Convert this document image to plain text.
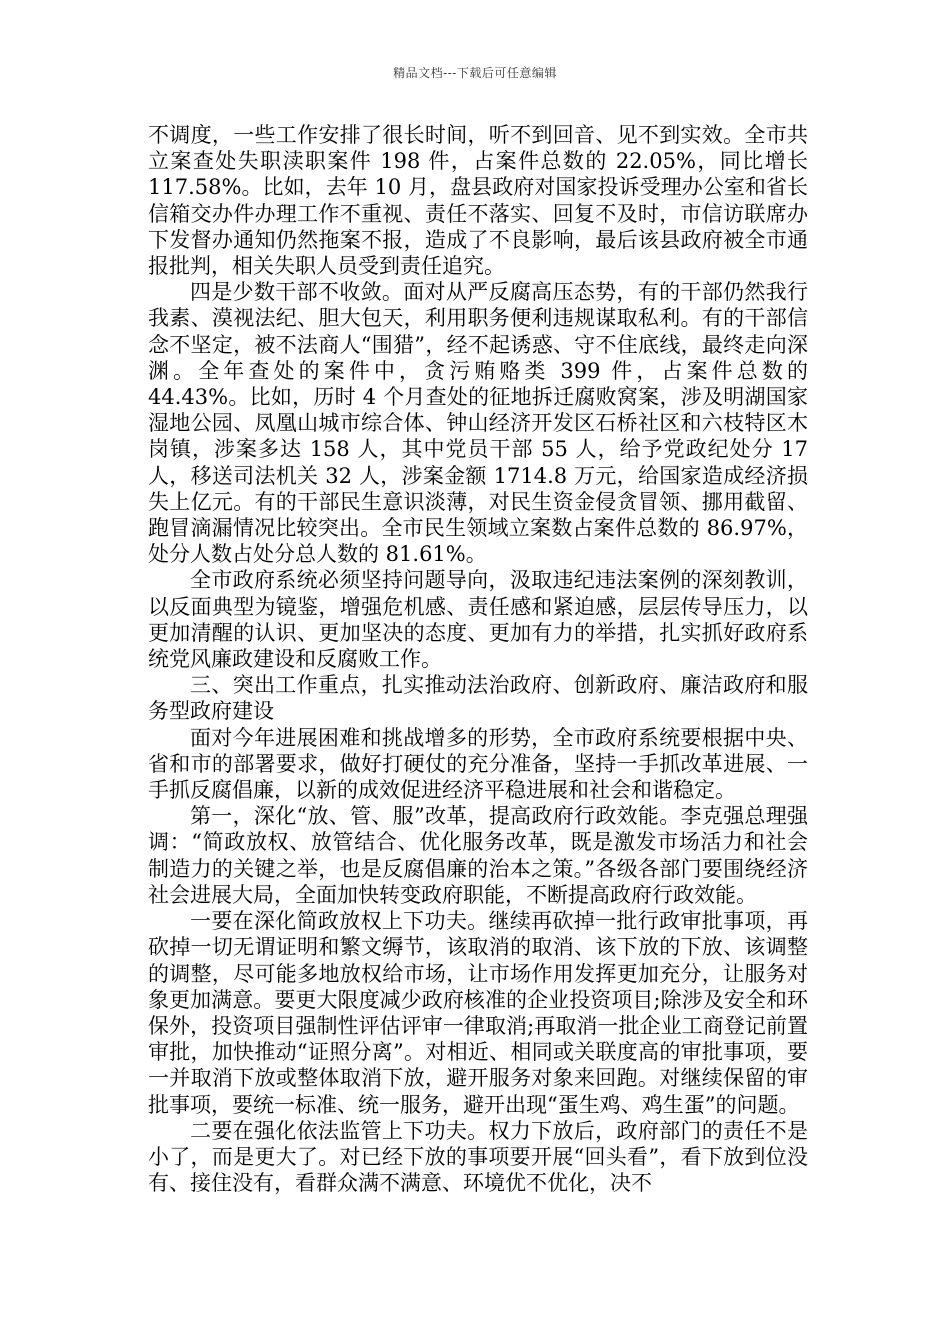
精品文档---下载后可任意编辑

不调度，一些工作安排了很长时间，听不到回音、见不到实效。全市共立案查处失职渎职案件 198 件，占案件总数的 22.05%，同比增长 117.58%。比如，去年 10 月，盘县政府对国家投诉受理办公室和省长信箱交办件办理工作不重视、责任不落实、回复不及时，市信访联席办下发督办通知仍然拖案不报，造成了不良影响，最后该县政府被全市通报批判，相关失职人员受到责任追究。

四是少数干部不收敛。面对从严反腐高压态势，有的干部仍然我行我素、漠视法纪、胆大包天，利用职务便利违规谋取私利。有的干部信念不坚定，被不法商人“围猎”，经不起诱惑、守不住底线，最终走向深渊。全年查处的案件中，贪污贿赂类 399 件，占案件总数的 44.43%。比如，历时 4 个月查处的征地拆迁腐败窝案，涉及明湖国家湿地公园、凤凰山城市综合体、钟山经济开发区石桥社区和六枝特区木岗镇，涉案多达 158 人，其中党员干部 55 人，给予党政纪处分 17 人，移送司法机关 32 人，涉案金额 1714.8 万元，给国家造成经济损失上亿元。有的干部民生意识淡薄，对民生资金侵贪冒领、挪用截留、跑冒滴漏情况比较突出。全市民生领域立案数占案件总数的 86.97%，处分人数占处分总人数的 81.61%。

全市政府系统必须坚持问题导向，汲取违纪违法案例的深刻教训，以反面典型为镜鉴，增强危机感、责任感和紧迫感，层层传导压力，以更加清醒的认识、更加坚决的态度、更加有力的举措，扎实抓好政府系统党风廉政建设和反腐败工作。

三、突出工作重点，扎实推动法治政府、创新政府、廉洁政府和服务型政府建设

面对今年进展困难和挑战增多的形势，全市政府系统要根据中央、省和市的部署要求，做好打硬仗的充分准备，坚持一手抓改革进展、一手抓反腐倡廉，以新的成效促进经济平稳进展和社会和谐稳定。

第一，深化“放、管、服”改革，提高政府行政效能。李克强总理强调：“简政放权、放管结合、优化服务改革，既是激发市场活力和社会制造力的关键之举，也是反腐倡廉的治本之策。”各级各部门要围绕经济社会进展大局，全面加快转变政府职能，不断提高政府行政效能。

一要在深化简政放权上下功夫。继续再砍掉一批行政审批事项，再砍掉一切无谓证明和繁文缛节，该取消的取消、该下放的下放、该调整的调整，尽可能多地放权给市场，让市场作用发挥更加充分，让服务对象更加满意。要更大限度减少政府核准的企业投资项目;除涉及安全和环保外，投资项目强制性评估评审一律取消;再取消一批企业工商登记前置审批，加快推动“证照分离”。对相近、相同或关联度高的审批事项，要一并取消下放或整体取消下放，避开服务对象来回跑。对继续保留的审批事项，要统一标准、统一服务，避开出现“蛋生鸡、鸡生蛋”的问题。

二要在强化依法监管上下功夫。权力下放后，政府部门的责任不是小了，而是更大了。对已经下放的事项要开展“回头看”，看下放到位没有、接住没有，看群众满不满意、环境优不优化，决不
